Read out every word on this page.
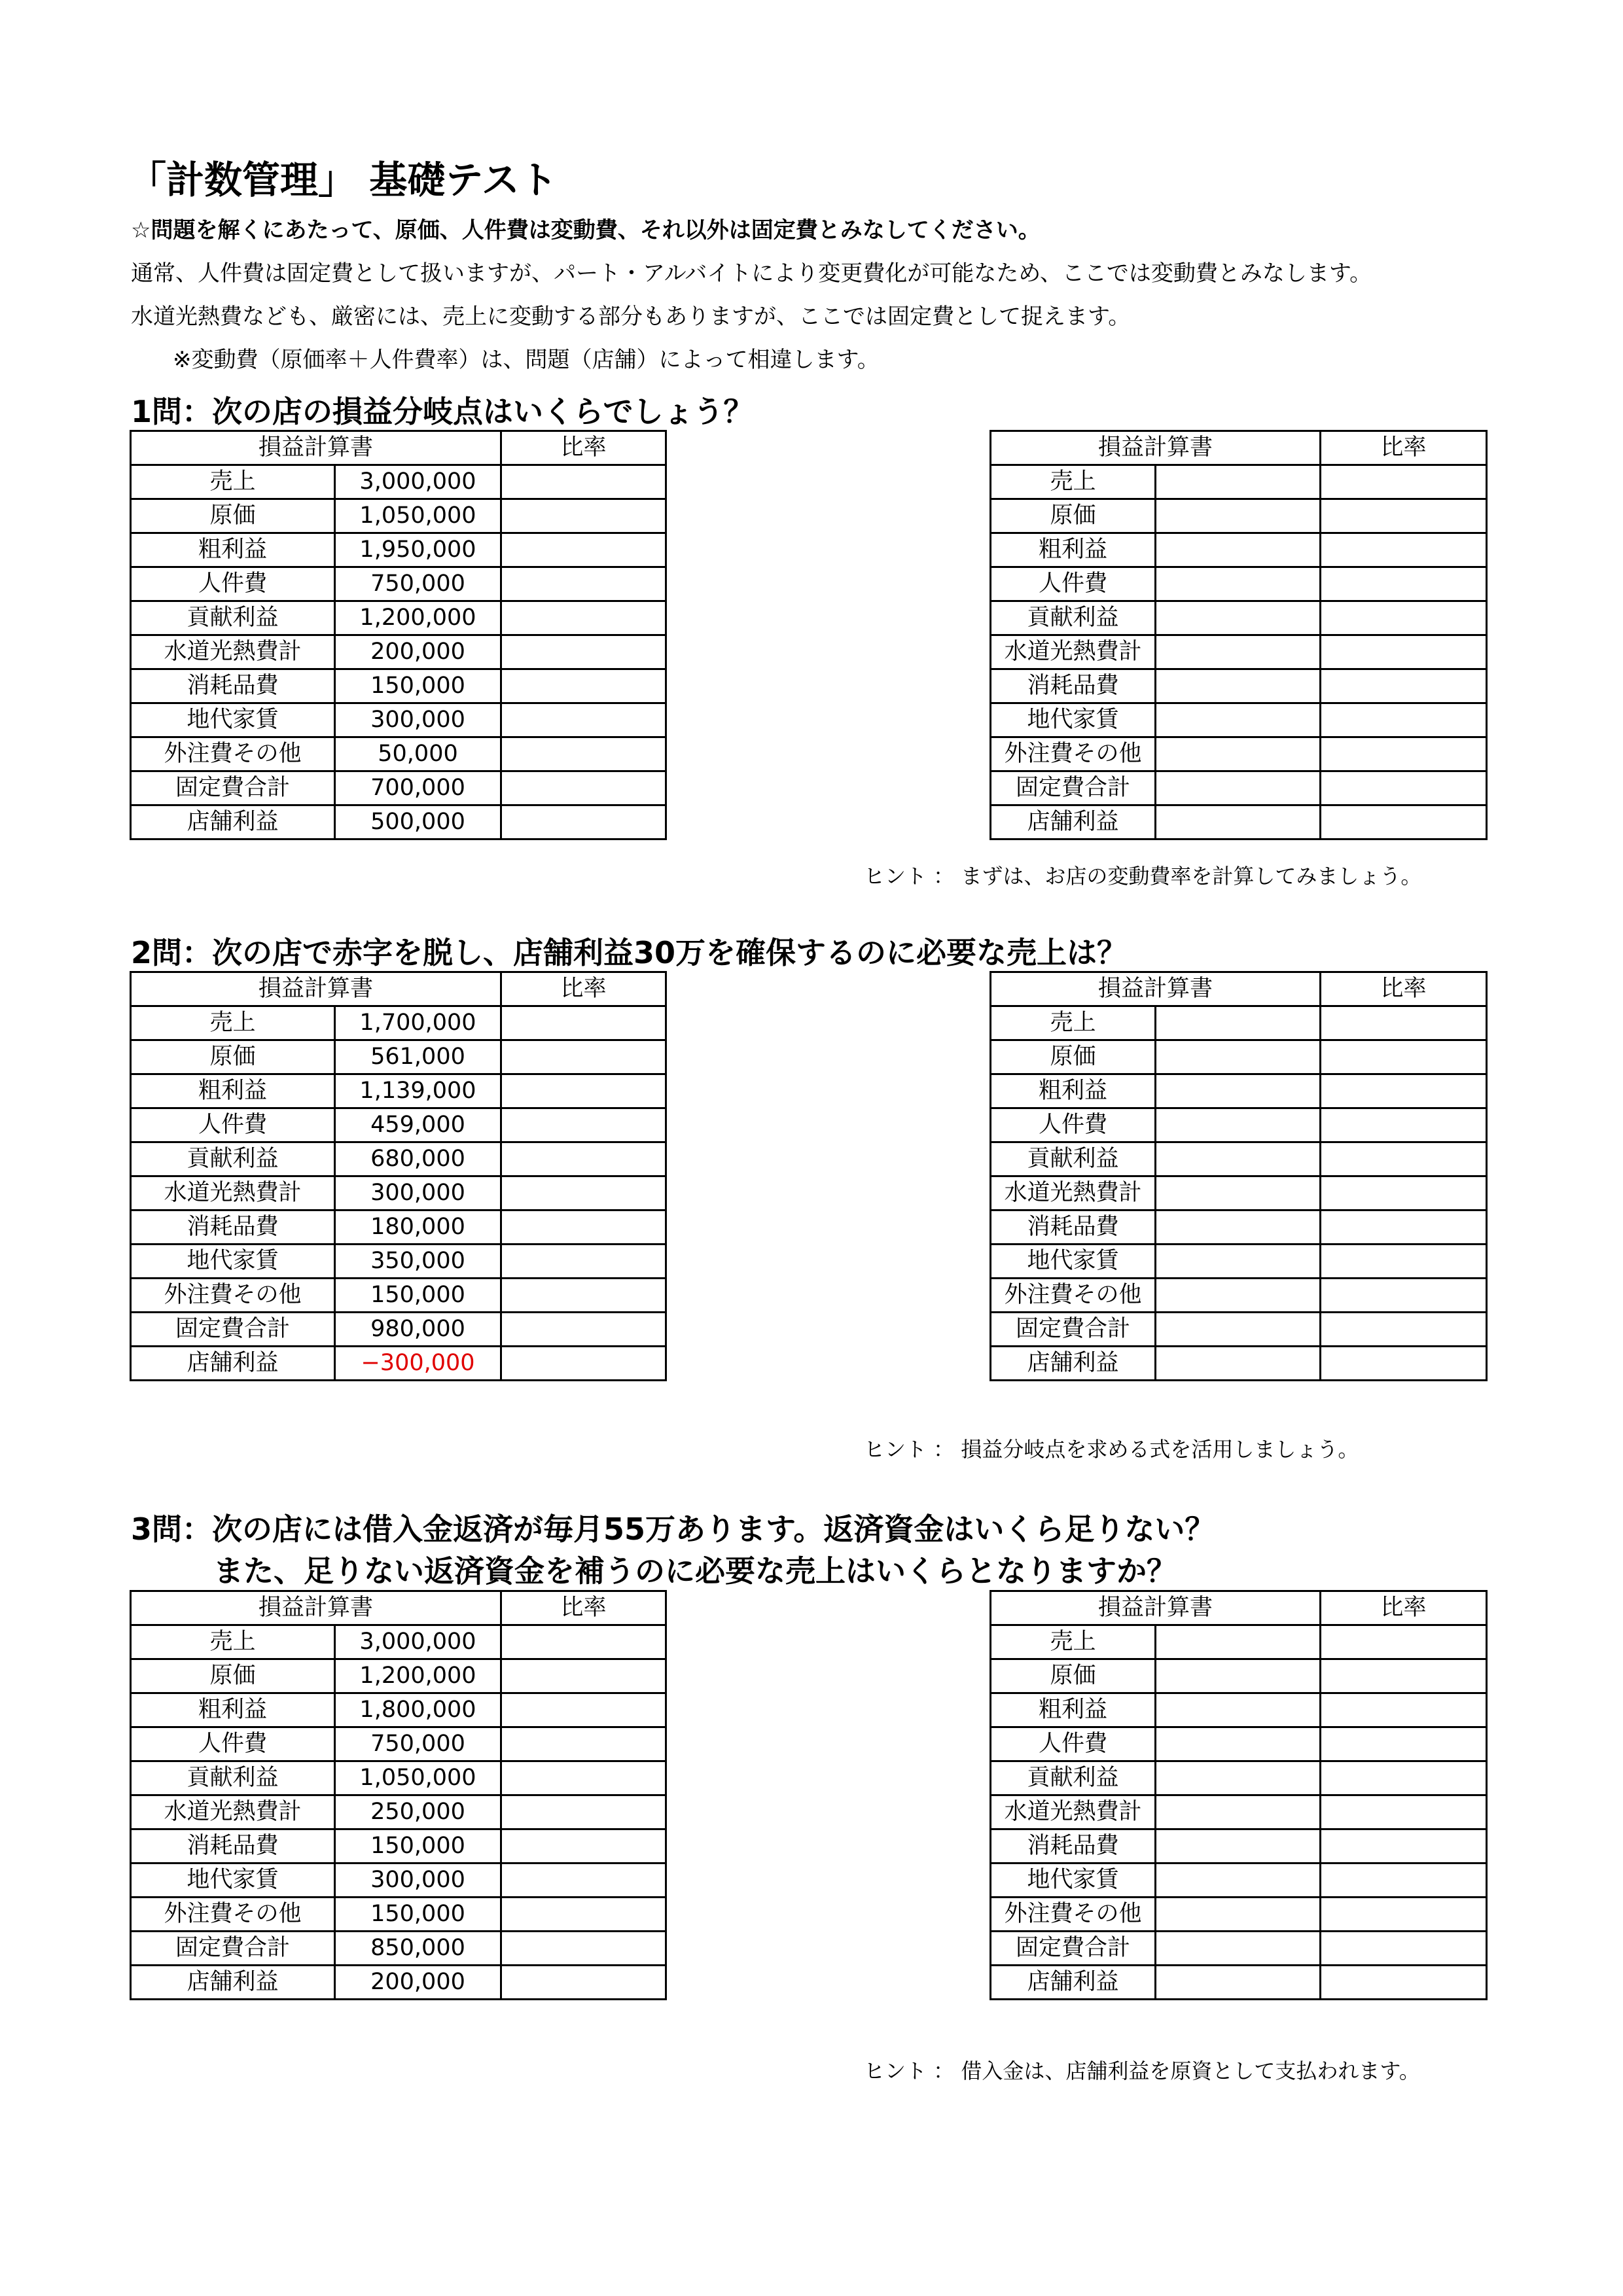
「計数管理」 基礎テスト
☆問題を解くにあたって、原価、人件費は変動費、それ以外は固定費とみなしてください。
通常、人件費は固定費として扱いますが、パート・アルバイトにより変更費化が可能なため、ここでは変動費とみなします。
水道光熱費なども、厳密には、売上に変動する部分もありますが、ここでは固定費として捉えます。
※変動費（原価率＋人件費率）は、問題（店舗）によって相違します。
1問：次の店の損益分岐点はいくらでしょう？
損益計算書		比率
売上	3,000,000	
原価	1,050,000	
粗利益	1,950,000	
人件費	750,000	
貢献利益	1,200,000	
水道光熱費計	200,000	
消耗品費	150,000	
地代家賃	300,000	
外注費その他	50,000	
固定費合計	700,000	
店舗利益	500,000	
損益計算書		比率
売上		
原価		
粗利益		
人件費		
貢献利益		
水道光熱費計		
消耗品費		
地代家賃		
外注費その他		
固定費合計		
店舗利益		
ヒント ： まずは、お店の変動費率を計算してみましょう。
2問：次の店で赤字を脱し、店舗利益30万を確保するのに必要な売上は？
損益計算書		比率
売上	1,700,000	
原価	561,000	
粗利益	1,139,000	
人件費	459,000	
貢献利益	680,000	
水道光熱費計	300,000	
消耗品費	180,000	
地代家賃	350,000	
外注費その他	150,000	
固定費合計	980,000	
店舗利益	−300,000	
損益計算書		比率
売上		
原価		
粗利益		
人件費		
貢献利益		
水道光熱費計		
消耗品費		
地代家賃		
外注費その他		
固定費合計		
店舗利益		
ヒント ： 損益分岐点を求める式を活用しましょう。
3問：次の店には借入金返済が毎月55万あります。返済資金はいくら足りない？
また、足りない返済資金を補うのに必要な売上はいくらとなりますか？
損益計算書		比率
売上	3,000,000	
原価	1,200,000	
粗利益	1,800,000	
人件費	750,000	
貢献利益	1,050,000	
水道光熱費計	250,000	
消耗品費	150,000	
地代家賃	300,000	
外注費その他	150,000	
固定費合計	850,000	
店舗利益	200,000	
損益計算書		比率
売上		
原価		
粗利益		
人件費		
貢献利益		
水道光熱費計		
消耗品費		
地代家賃		
外注費その他		
固定費合計		
店舗利益		
ヒント ： 借入金は、店舗利益を原資として支払われます。
